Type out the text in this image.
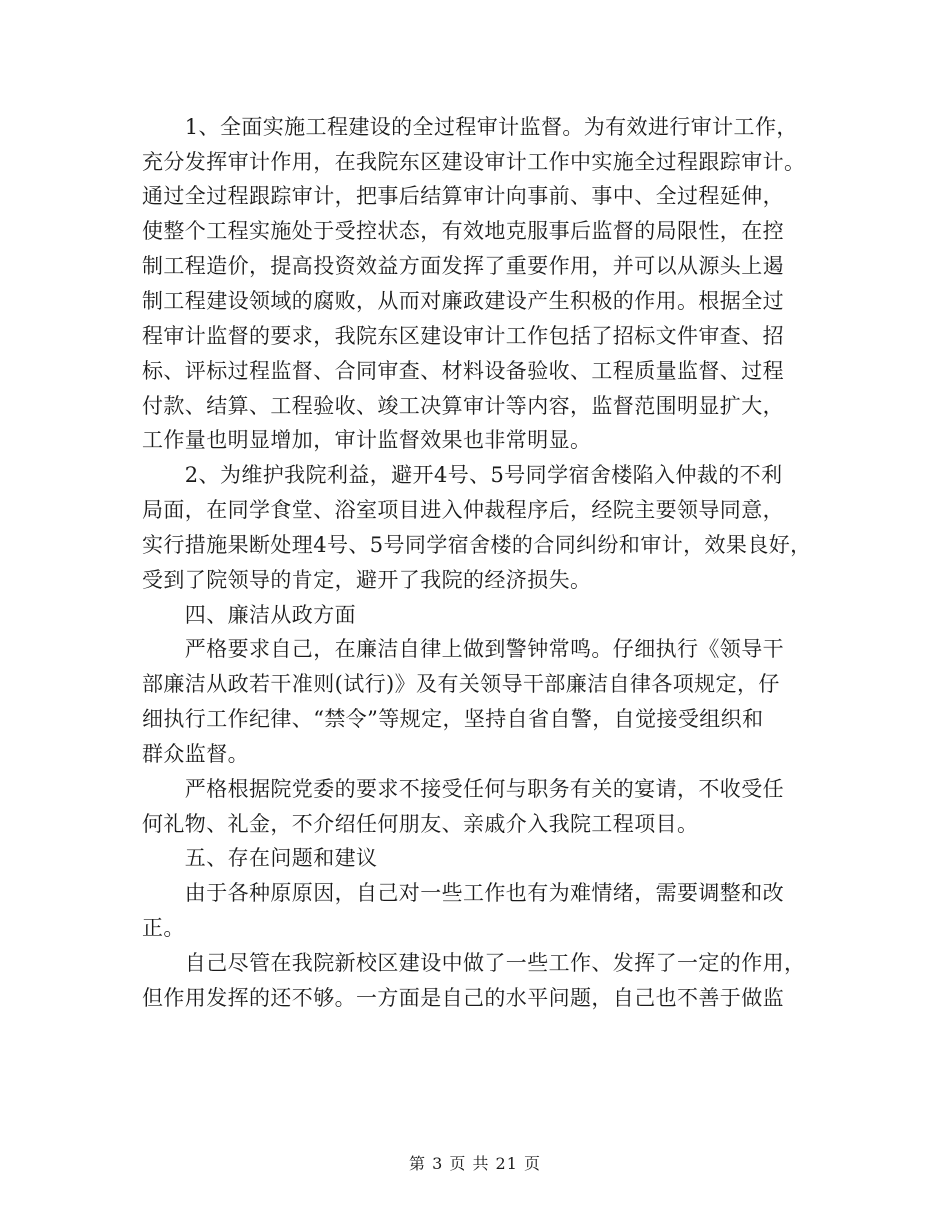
　　1、全面实施工程建设的全过程审计监督。为有效进行审计工作，
充分发挥审计作用，在我院东区建设审计工作中实施全过程跟踪审计。
通过全过程跟踪审计，把事后结算审计向事前、事中、全过程延伸，
使整个工程实施处于受控状态，有效地克服事后监督的局限性，在控
制工程造价，提高投资效益方面发挥了重要作用，并可以从源头上遏
制工程建设领域的腐败，从而对廉政建设产生积极的作用。根据全过
程审计监督的要求，我院东区建设审计工作包括了招标文件审查、招
标、评标过程监督、合同审查、材料设备验收、工程质量监督、过程
付款、结算、工程验收、竣工决算审计等内容，监督范围明显扩大，
工作量也明显增加，审计监督效果也非常明显。
　　2、为维护我院利益，避开4号、5号同学宿舍楼陷入仲裁的不利
局面，在同学食堂、浴室项目进入仲裁程序后，经院主要领导同意，
实行措施果断处理4号、5号同学宿舍楼的合同纠纷和审计，效果良好，
受到了院领导的肯定，避开了我院的经济损失。
　　四、廉洁从政方面
　　严格要求自己，在廉洁自律上做到警钟常鸣。仔细执行《领导干
部廉洁从政若干准则(试行)》及有关领导干部廉洁自律各项规定，仔
细执行工作纪律、“禁令”等规定，坚持自省自警，自觉接受组织和
群众监督。
　　严格根据院党委的要求不接受任何与职务有关的宴请，不收受任
何礼物、礼金，不介绍任何朋友、亲戚介入我院工程项目。
　　五、存在问题和建议
　　由于各种原原因，自己对一些工作也有为难情绪，需要调整和改
正。
　　自己尽管在我院新校区建设中做了一些工作、发挥了一定的作用，
但作用发挥的还不够。一方面是自己的水平问题，自己也不善于做监
第 3 页 共 21 页
